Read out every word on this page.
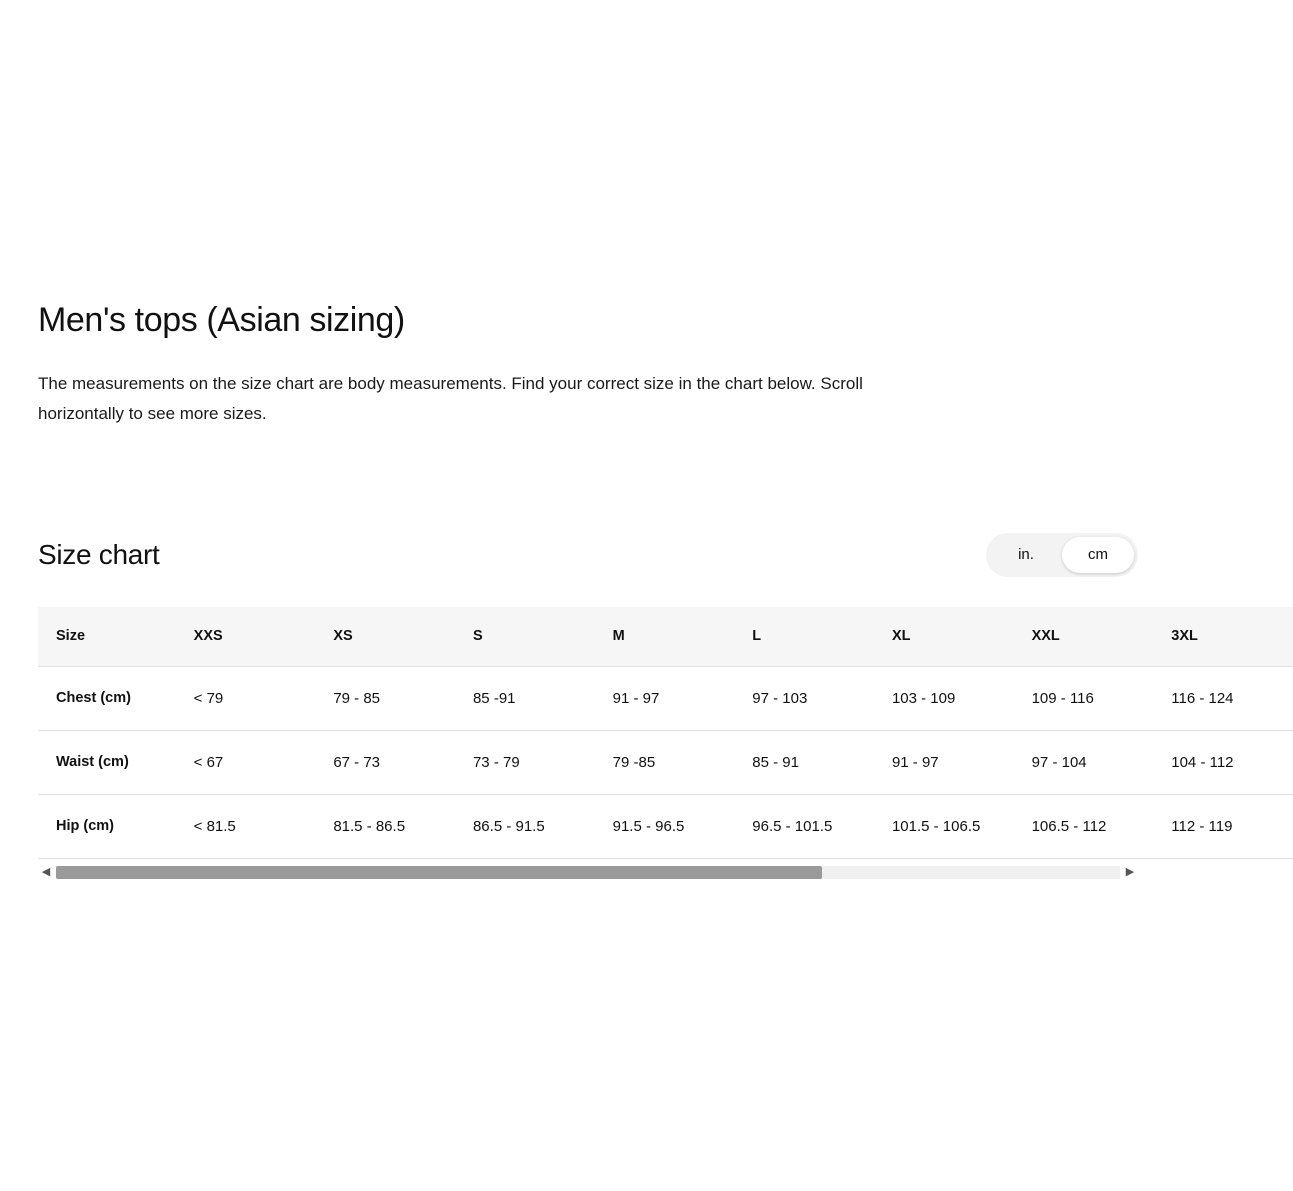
Men's tops (Asian sizing)

The measurements on the size chart are body measurements. Find your correct size in the chart below. Scroll horizontally to see more sizes.

Size chart	in.	cm
Size	XXS	XS	S	M	L	XL	XXL	3XL
Chest (cm)	< 79	79 - 85	85 -91	91 - 97	97 - 103	103 - 109	109 - 116	116 - 124
Waist (cm)	< 67	67 - 73	73 - 79	79 -85	85 - 91	91 - 97	97 - 104	104 - 112
Hip (cm)	< 81.5	81.5 - 86.5	86.5 - 91.5	91.5 - 96.5	96.5 - 101.5	101.5 - 106.5	106.5 - 112	112 - 119
◀	▶
